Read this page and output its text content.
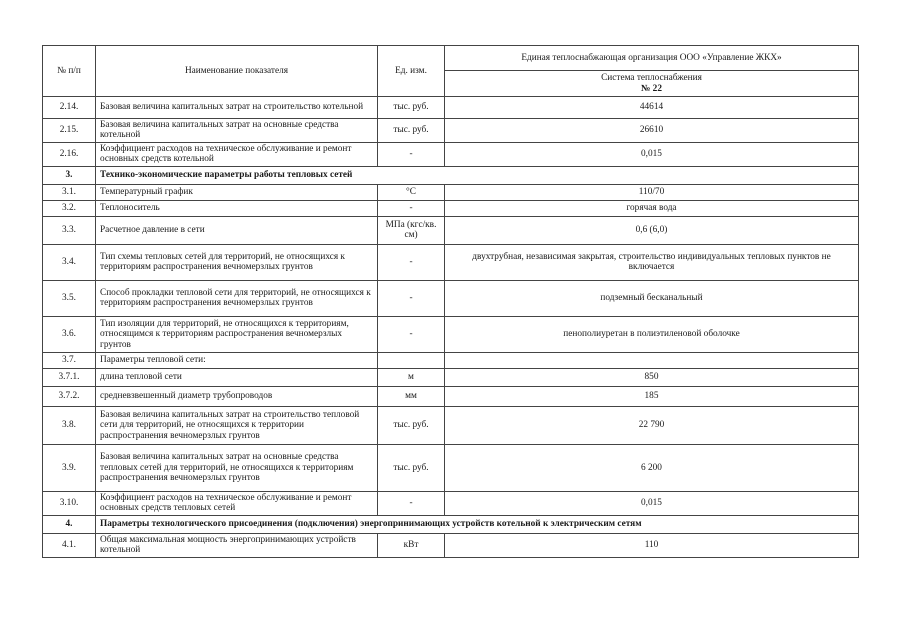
№ п/п	Наименование показателя	Ед. изм.	Единая теплоснабжающая организация ООО «Управление ЖКХ»

			Система теплоснабжения
№ 22

2.14.	Базовая величина капитальных затрат на строительство котельной	тыс. руб.	44614
2.15.	Базовая величина капитальных затрат на основные средства котельной	тыс. руб.	26610
2.16.	Коэффициент расходов на техническое обслуживание и ремонт основных средств котельной	-	0,015
3.	Технико-экономические параметры работы тепловых сетей		
3.1.	Температурный график	°С	110/70
3.2.	Теплоноситель	-	горячая вода
3.3.	Расчетное давление в сети	МПа (кгс/кв. см)	0,6 (6,0)
3.4.	Тип схемы тепловых сетей для территорий, не относящихся к территориям распространения вечномерзлых грунтов	-	двухтрубная, независимая закрытая, строительство индивидуальных тепловых пунктов не включается
3.5.	Способ прокладки тепловой сети для территорий, не относящихся к территориям распространения вечномерзлых грунтов	-	подземный бесканальный
3.6.	Тип изоляции для территорий, не относящихся к территориям, относящимся к территориям распространения вечномерзлых грунтов	-	пенополиуретан в полиэтиленовой оболочке
3.7.	Параметры тепловой сети:		
3.7.1.	длина тепловой сети	м	850
3.7.2.	средневзвешенный диаметр трубопроводов	мм	185
3.8.	Базовая величина капитальных затрат на строительство тепловой сети для территорий, не относящихся к территории распространения вечномерзлых грунтов	тыс. руб.	22 790
3.9.	Базовая величина капитальных затрат на основные средства тепловых сетей для территорий, не относящихся к территориям распространения вечномерзлых грунтов	тыс. руб.	6 200
3.10.	Коэффициент расходов на техническое обслуживание и ремонт основных средств тепловых сетей	-	0,015
4.	Параметры технологического присоединения (подключения) энергопринимающих устройств котельной к электрическим сетям		
4.1.	Общая максимальная мощность энергопринимающих устройств котельной	кВт	110
